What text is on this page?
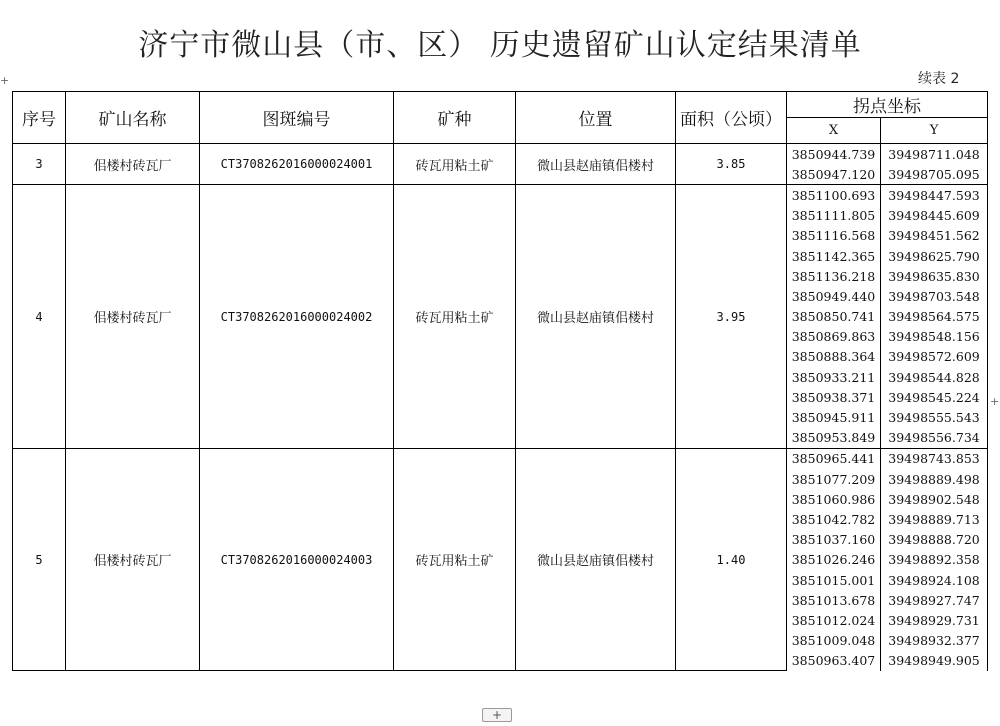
济宁市微山县（市、区） 历史遗留矿山认定结果清单
续表 2
+
+
序号	矿山名称	图斑编号	矿种	位置	面积（公顷）	拐点坐标	
						X	Y
3	佀楼村砖瓦厂	CT3708262016000024001	砖瓦用粘土矿	微山县赵庙镇佀楼村	3.85	3850944.739	39498711.048
						3850947.120	39498705.095
4	佀楼村砖瓦厂	CT3708262016000024002	砖瓦用粘土矿	微山县赵庙镇佀楼村	3.95	3851100.693	39498447.593
						3851111.805	39498445.609
						3851116.568	39498451.562
						3851142.365	39498625.790
						3851136.218	39498635.830
						3850949.440	39498703.548
						3850850.741	39498564.575
						3850869.863	39498548.156
						3850888.364	39498572.609
						3850933.211	39498544.828
						3850938.371	39498545.224
						3850945.911	39498555.543
						3850953.849	39498556.734
5	佀楼村砖瓦厂	CT3708262016000024003	砖瓦用粘土矿	微山县赵庙镇佀楼村	1.40	3850965.441	39498743.853
						3851077.209	39498889.498
						3851060.986	39498902.548
						3851042.782	39498889.713
						3851037.160	39498888.720
						3851026.246	39498892.358
						3851015.001	39498924.108
						3851013.678	39498927.747
						3851012.024	39498929.731
						3851009.048	39498932.377
						3850963.407	39498949.905
+
